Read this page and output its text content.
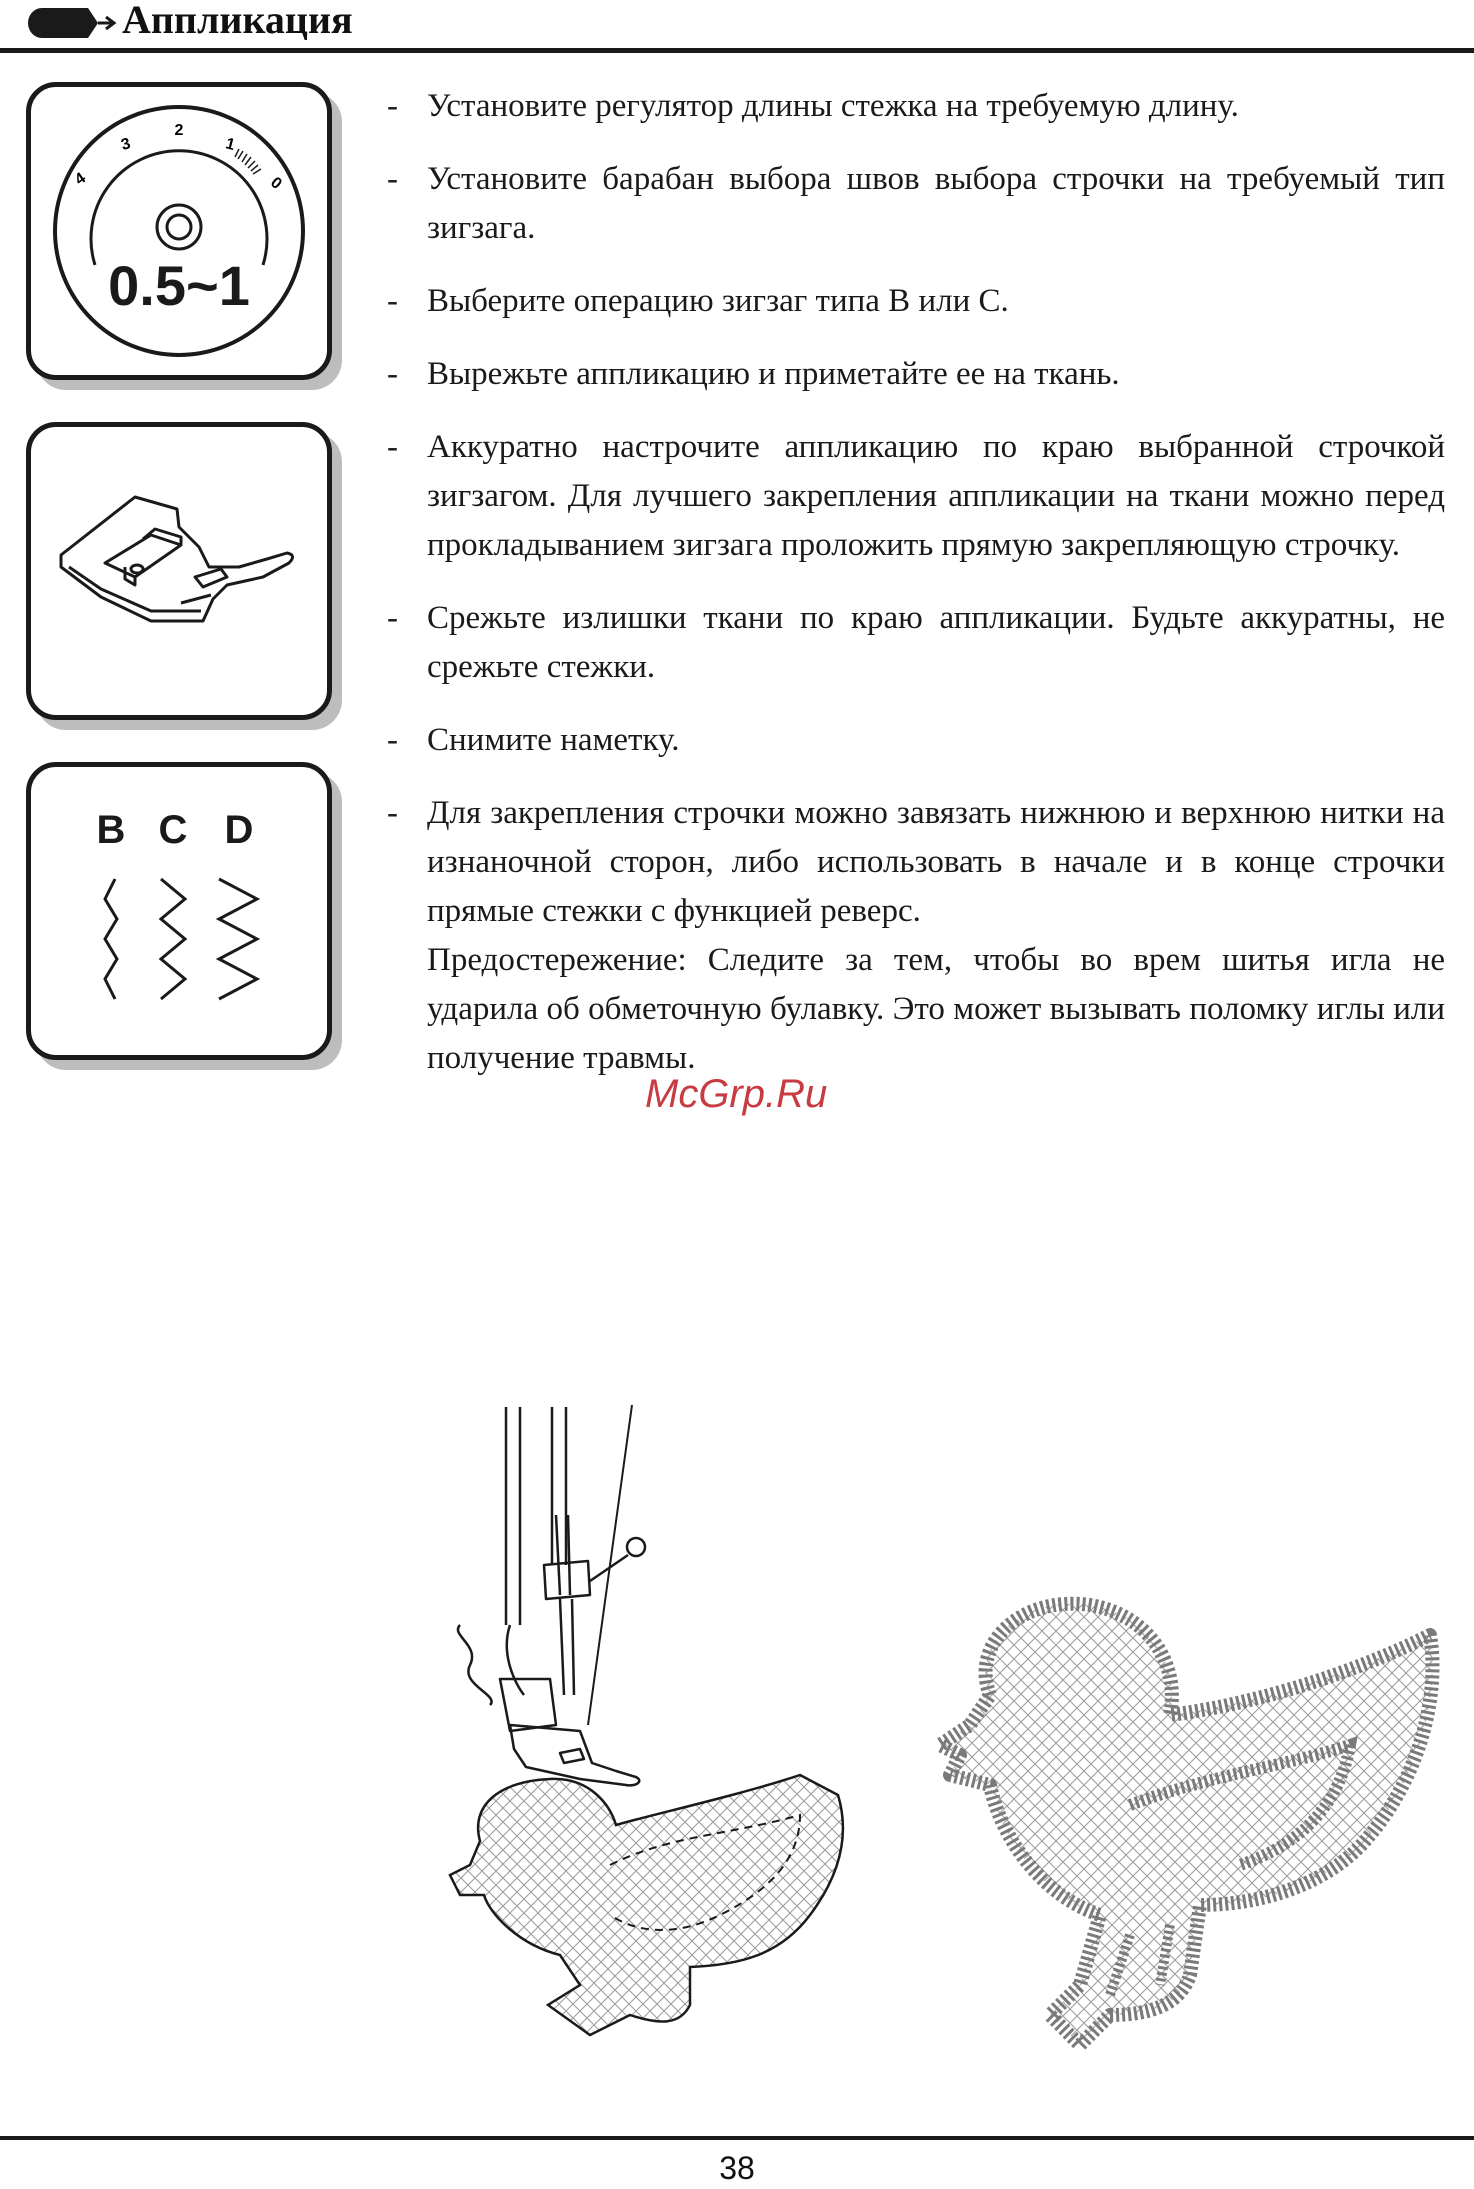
Аппликация
4
3
2
1
0
0.5~1
B C D
- Установите регулятор длины стежка на требуемую длину.
- Установите барабан выбора швов выбора строчки на требуемый тип зигзага.
- Выберите операцию зигзаг типа B или C.
- Вырежьте аппликацию и приметайте ее на ткань.
- Аккуратно настрочите аппликацию по краю выбранной строчкой зигзагом. Для лучшего закрепления аппликации на ткани можно перед прокладыванием зигзага проложить прямую закрепляющую строчку.
- Срежьте излишки ткани по краю аппликации. Будьте аккуратны, не срежьте стежки.
- Снимите наметку.
- Для закрепления строчки можно завязать нижнюю и верхнюю нитки на изнаночной сторон, либо использовать в начале и в конце строчки прямые стежки с функцией реверс.
Предостережение: Следите за тем, чтобы во врем шитья игла не ударила об обметочную булавку. Это может вызывать поломку иглы или получение травмы.
McGrp.Ru
38
